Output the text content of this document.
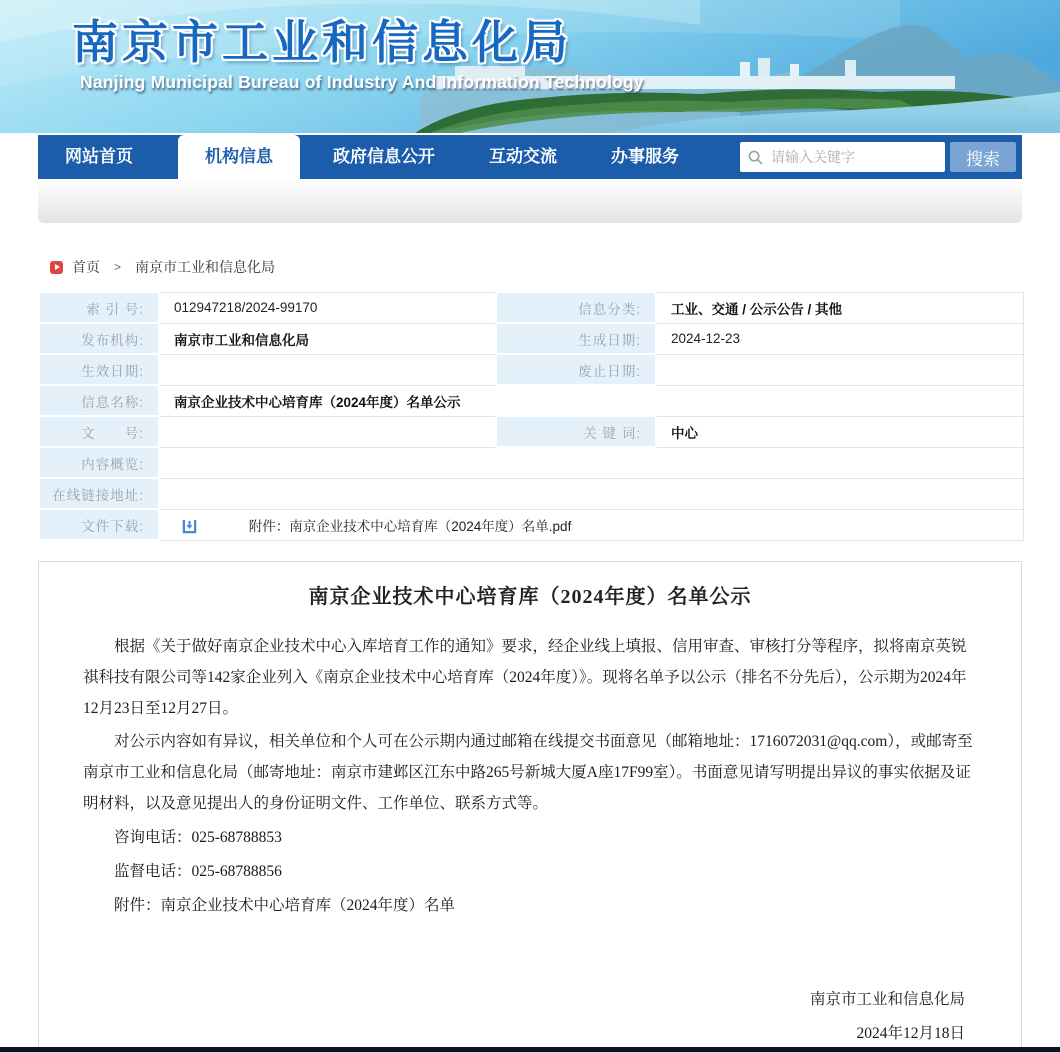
南京市工业和信息化局
Nanjing Municipal Bureau of Industry And Information Technology
网站首页	机构信息	政府信息公开	互动交流	办事服务
请输入关键字	搜索
首页 > 南京市工业和信息化局
索 引 号:	012947218/2024-99170	信息分类:	工业、交通 / 公示公告 / 其他
发布机构:	南京市工业和信息化局	生成日期:	2024-12-23
生效日期:		废止日期:	
信息名称:	南京企业技术中心培育库（2024年度）名单公示		
文　　号:		关 键 词:	中心
内容概览:			
在线链接地址:			
文件下载:	附件：南京企业技术中心培育库（2024年度）名单.pdf		
南京企业技术中心培育库（2024年度）名单公示

根据《关于做好南京企业技术中心入库培育工作的通知》要求，经企业线上填报、信用审查、审核打分等程序，拟将南京英锐祺科技有限公司等142家企业列入《南京企业技术中心培育库（2024年度）》。现将名单予以公示（排名不分先后），公示期为2024年12月23日至12月27日。

对公示内容如有异议，相关单位和个人可在公示期内通过邮箱在线提交书面意见（邮箱地址：1716072031@qq.com），或邮寄至南京市工业和信息化局（邮寄地址：南京市建邺区江东中路265号新城大厦A座17F99室）。书面意见请写明提出异议的事实依据及证明材料，以及意见提出人的身份证明文件、工作单位、联系方式等。

咨询电话：025-68788853

监督电话：025-68788856

附件：南京企业技术中心培育库（2024年度）名单

南京市工业和信息化局
2024年12月18日
